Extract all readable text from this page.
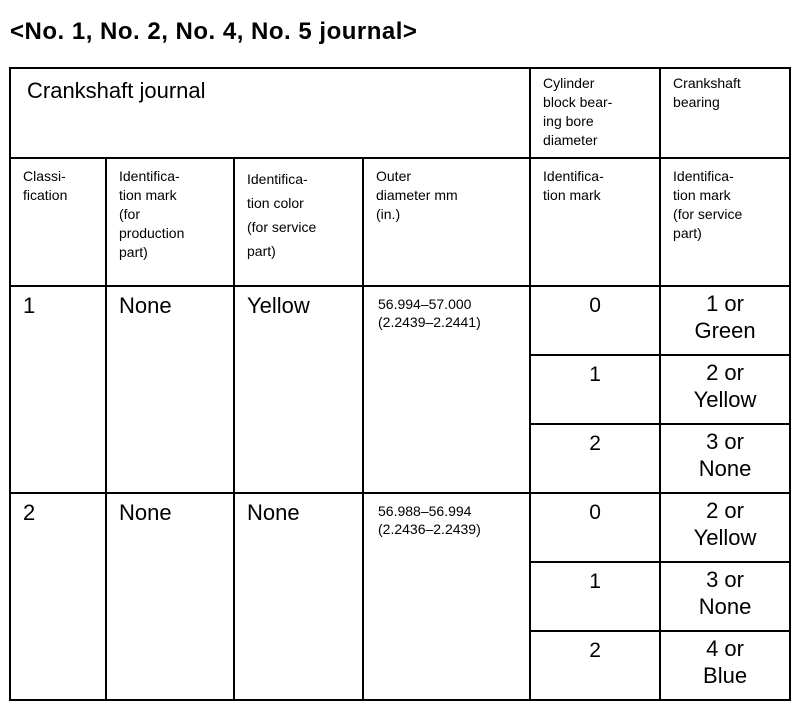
<No. 1, No. 2, No. 4, No. 5 journal>
Crankshaft journal				Cylinder
block bear-
ing bore
diameter	Crankshaft
bearing
Classi-
fication	Identifica-
tion mark
(for
production
part)	Identifica-
tion color
(for service
part)	Outer
diameter mm
(in.)	Identifica-
tion mark	Identifica-
tion mark
(for service
part)
1	None	Yellow	56.994–57.000
(2.2439–2.2441)	0	1 or
Green
				1	2 or
Yellow
				2	3 or
None
2	None	None	56.988–56.994
(2.2436–2.2439)	0	2 or
Yellow
				1	3 or
None
				2	4 or
Blue
